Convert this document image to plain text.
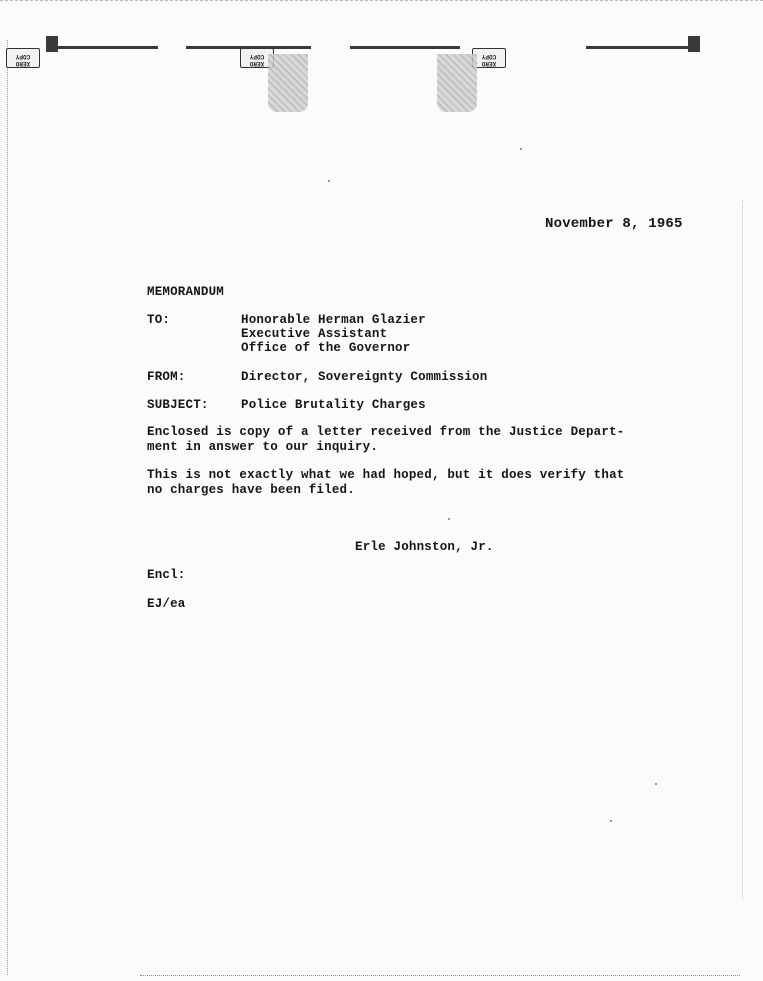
XERO COPY
XERO COPY
XERO COPY
November 8, 1965
MEMORANDUM
TO:	Honorable Herman Glazier
Executive Assistant
Office of the Governor
FROM:	Director, Sovereignty Commission
SUBJECT:	Police Brutality Charges
Enclosed is copy of a letter received from the Justice Depart-
ment in answer to our inquiry.
This is not exactly what we had hoped, but it does verify that
no charges have been filed.
Erle Johnston, Jr.
Encl:
EJ/ea
